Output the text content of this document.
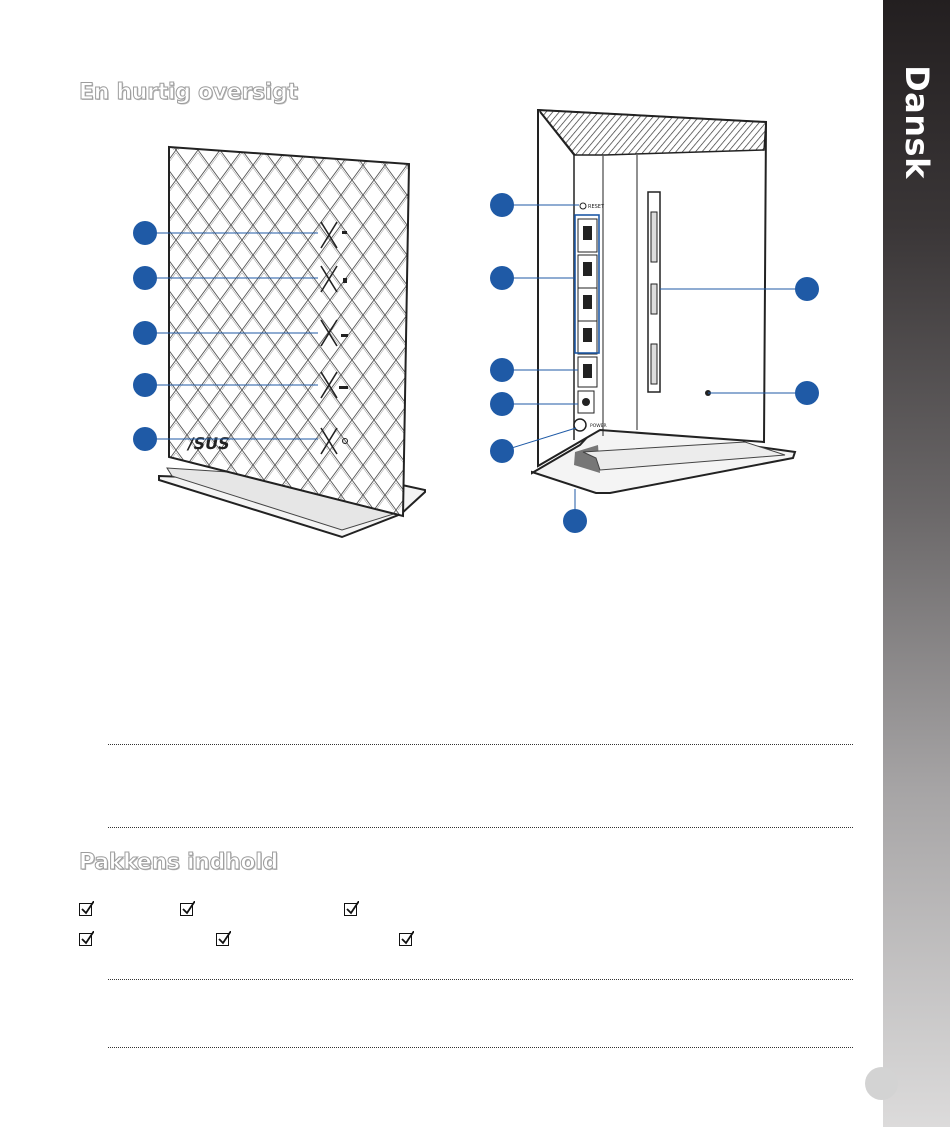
Dansk
En hurtig oversigt
/SUS
RESET
POWER
Pakkens indhold
